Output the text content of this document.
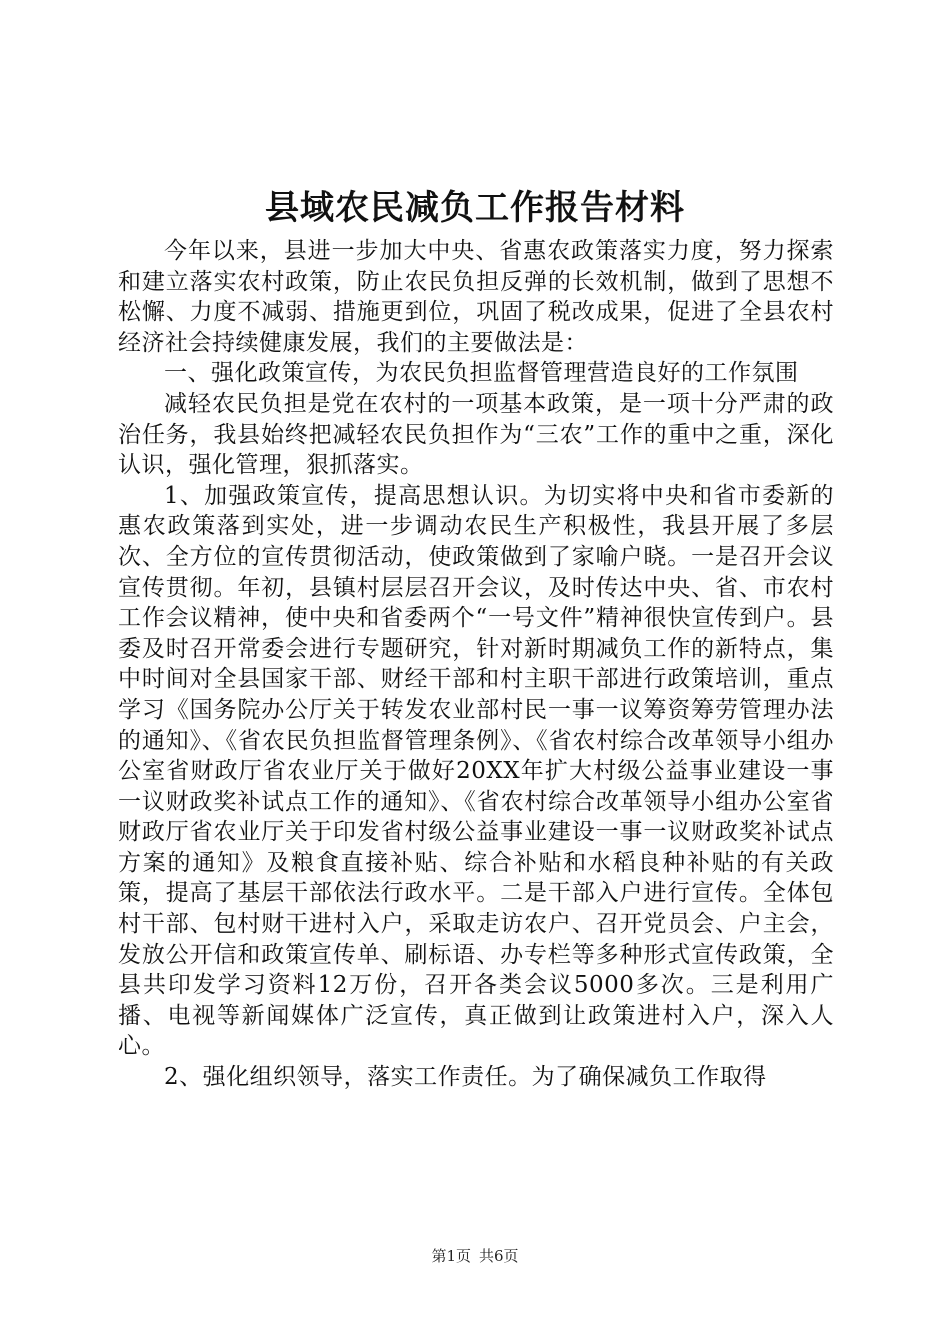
县域农民减负工作报告材料

今年以来，县进一步加大中央、省惠农政策落实力度，努力探索和建立落实农村政策，防止农民负担反弹的长效机制，做到了思想不松懈、力度不减弱、措施更到位，巩固了税改成果，促进了全县农村经济社会持续健康发展，我们的主要做法是：

一、强化政策宣传，为农民负担监督管理营造良好的工作氛围

减轻农民负担是党在农村的一项基本政策，是一项十分严肃的政治任务，我县始终把减轻农民负担作为“三农”工作的重中之重，深化认识，强化管理，狠抓落实。

1、加强政策宣传，提高思想认识。为切实将中央和省市委新的惠农政策落到实处，进一步调动农民生产积极性，我县开展了多层次、全方位的宣传贯彻活动，使政策做到了家喻户晓。一是召开会议宣传贯彻。年初，县镇村层层召开会议，及时传达中央、省、市农村工作会议精神，使中央和省委两个“一号文件”精神很快宣传到户。县委及时召开常委会进行专题研究，针对新时期减负工作的新特点，集中时间对全县国家干部、财经干部和村主职干部进行政策培训，重点学习《国务院办公厅关于转发农业部村民一事一议筹资筹劳管理办法的通知》、《省农民负担监督管理条例》、《省农村综合改革领导小组办公室省财政厅省农业厅关于做好20XX年扩大村级公益事业建设一事一议财政奖补试点工作的通知》、《省农村综合改革领导小组办公室省财政厅省农业厅关于印发省村级公益事业建设一事一议财政奖补试点方案的通知》及粮食直接补贴、综合补贴和水稻良种补贴的有关政策，提高了基层干部依法行政水平。二是干部入户进行宣传。全体包村干部、包村财干进村入户，采取走访农户、召开党员会、户主会，发放公开信和政策宣传单、刷标语、办专栏等多种形式宣传政策，全县共印发学习资料12万份，召开各类会议5000多次。三是利用广播、电视等新闻媒体广泛宣传，真正做到让政策进村入户，深入人心。

2、强化组织领导，落实工作责任。为了确保减负工作取得

第1页 共6页
